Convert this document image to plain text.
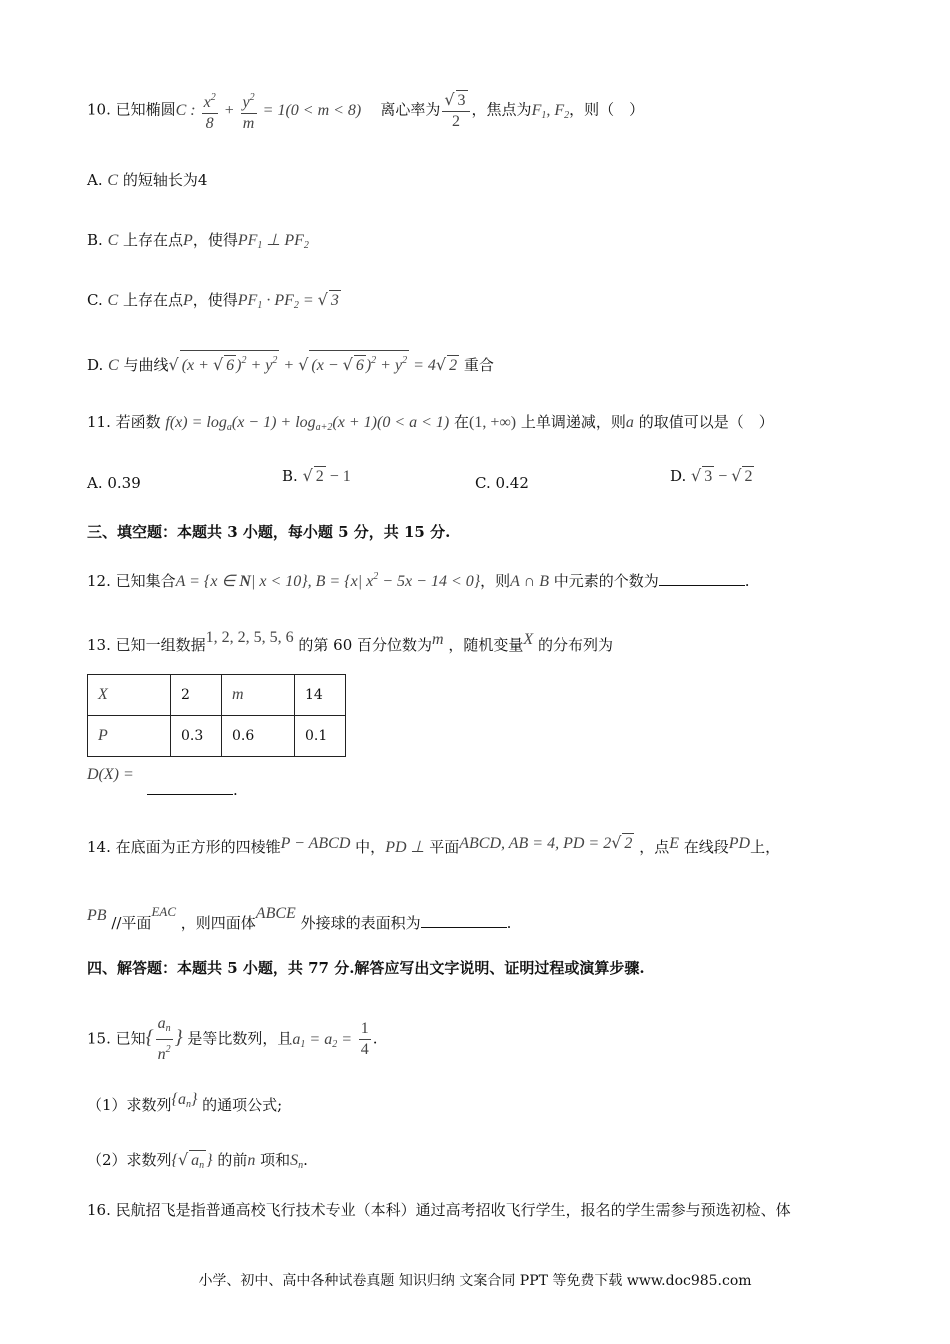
10. 已知椭圆C : $\frac{x^2}{8} + \frac{y^2}{m} = 1(0 < m < 8)$ 离心率为 $\frac{√ 3}{2}$ ，焦点为$F_1$, $F_2$，则（　）
A. C 的短轴长为4
B. C 上存在点P，使得$PF_1$ ⊥ $PF_2$
C. C 上存在点P，使得$PF_1 \cdot PF_2$ = √ 3
D. C 与曲线√ (x + √ 6 )$^2 + y^2$ + √ (x − √ 6 )$^2 + y^2 = 4√$ 2 重合
11. 若函数 $f(x) = \log_a(x - 1) + \log_{a+2}(x + 1)(0 < a < 1)$ 在(1, +∞) 上单调递减，则a 的取值可以是（　）
A. 0.39	B. √ 2 − 1	C. 0.42	D. √ 3 − √ 2
三、填空题：本题共 3 小题，每小题 5 分，共 15 分.
12. 已知集合A = {x ∈ N| x < 10}, B = {x| $x^2 - 5x - 14 < 0$}，则A ∩ B 中元素的个数为	.
13. 已知一组数据1, 2, 2, 5, 5, 6 的第 60 百分位数为m ，随机变量X 的分布列为
X	2	m	14
P	0.3	0.6	0.1
D(X) =
.
14. 在底面为正方形的四棱锥P − ABCD 中，PD ⊥ 平面ABCD, AB = 4, PD = 2√ 2 ，点E 在线段PD上，
PB //平面EAC ，则四面体ABCE 外接球的表面积为	.
四、解答题：本题共 5 小题，共 77 分.解答应写出文字说明、证明过程或演算步骤.
15. 已知{ $\frac{a_n}{n^2}$ } 是等比数列，且$a_1 = a_2 = \frac{1}{4}$ .
（1）求数列$\{a_n\}$ 的通项公式;
（2）求数列{√ $a_n$ } 的前n 项和$S_n$.
16. 民航招飞是指普通高校飞行技术专业（本科）通过高考招收飞行学生，报名的学生需参与预选初检、体
小学、初中、高中各种试卷真题 知识归纳 文案合同 PPT 等免费下载 www.doc985.com
